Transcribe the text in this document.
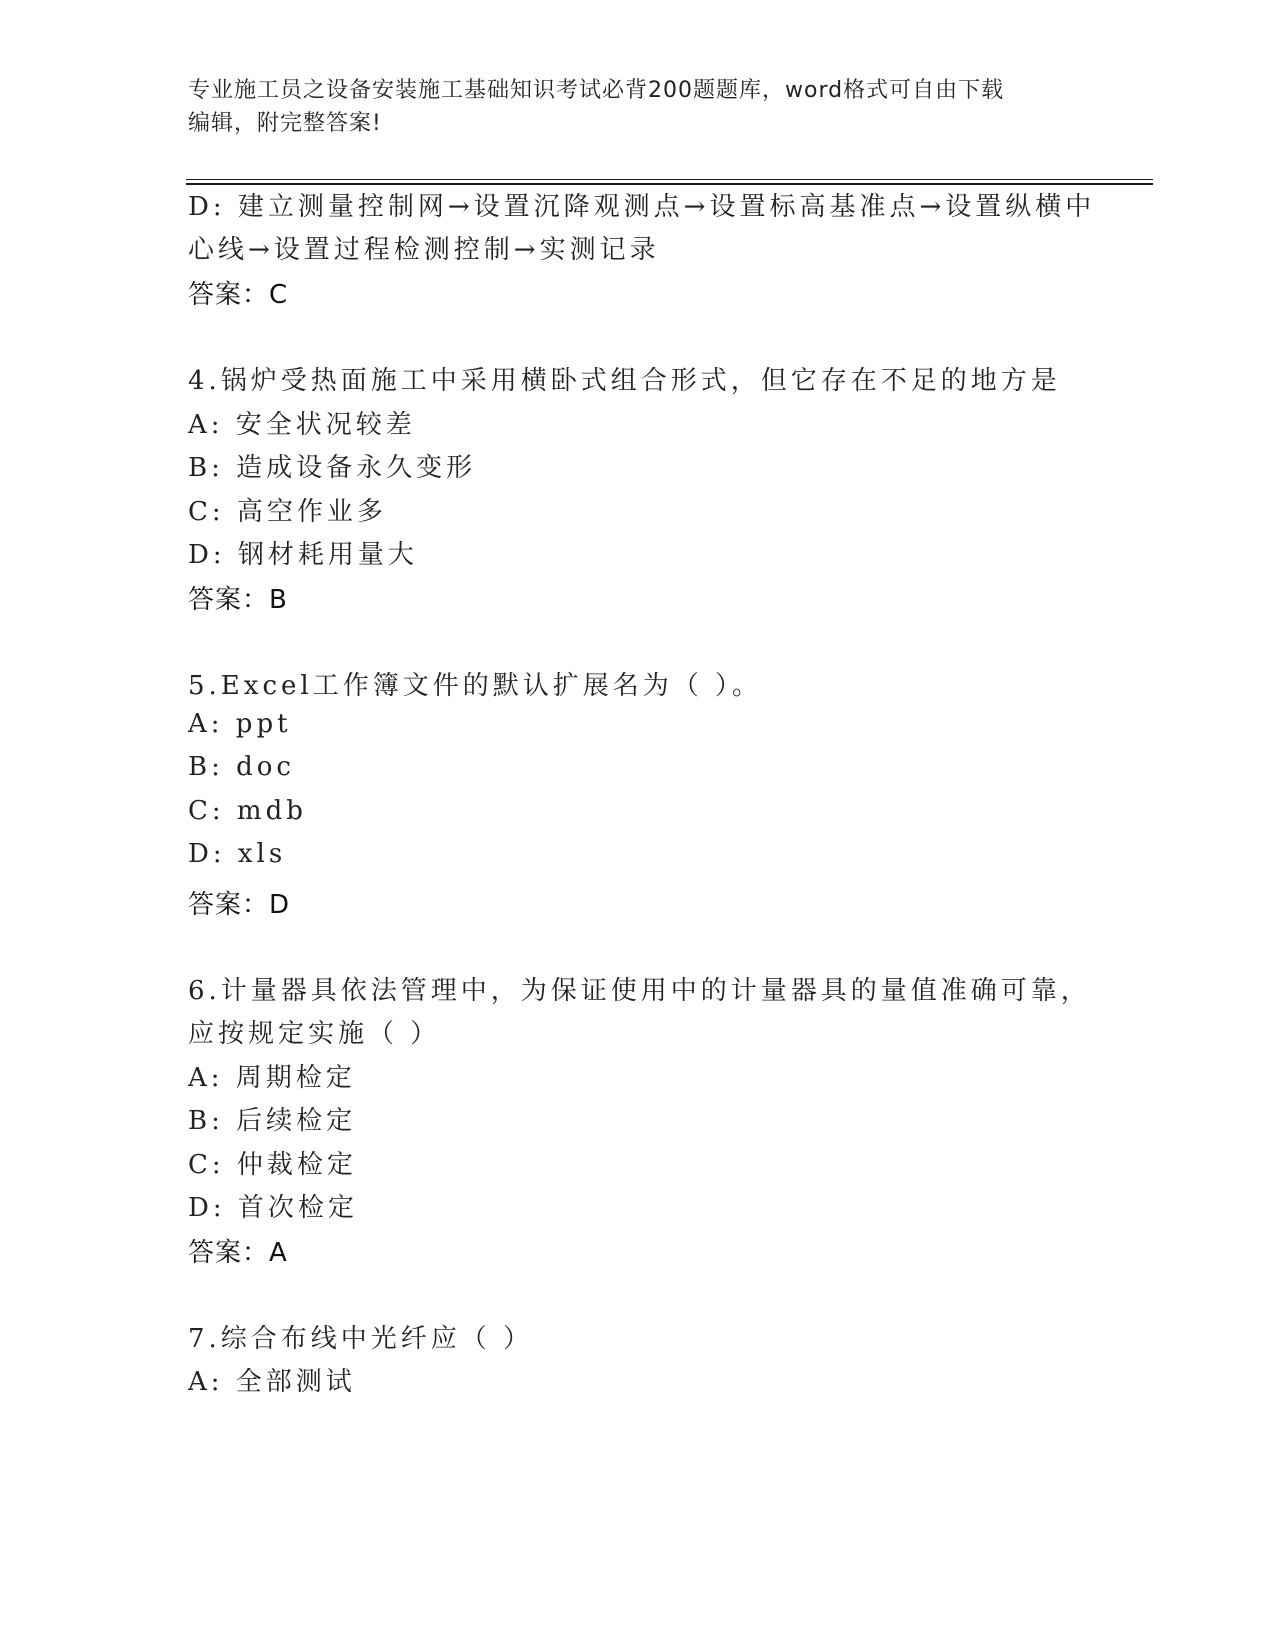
专业施工员之设备安装施工基础知识考试必背200题题库，word格式可自由下载
编辑，附完整答案!
D: 建立测量控制网→设置沉降观测点→设置标高基准点→设置纵横中
心线→设置过程检测控制→实测记录
答案：C
4.锅炉受热面施工中采用横卧式组合形式，但它存在不足的地方是
A: 安全状况较差
B: 造成设备永久变形
C: 高空作业多
D: 钢材耗用量大
答案：B
5.Excel工作簿文件的默认扩展名为（ ）。
A: ppt
B: doc
C: mdb
D: xls
答案：D
6.计量器具依法管理中，为保证使用中的计量器具的量值准确可靠，
应按规定实施（ ）
A: 周期检定
B: 后续检定
C: 仲裁检定
D: 首次检定
答案：A
7.综合布线中光纤应（ ）
A: 全部测试
